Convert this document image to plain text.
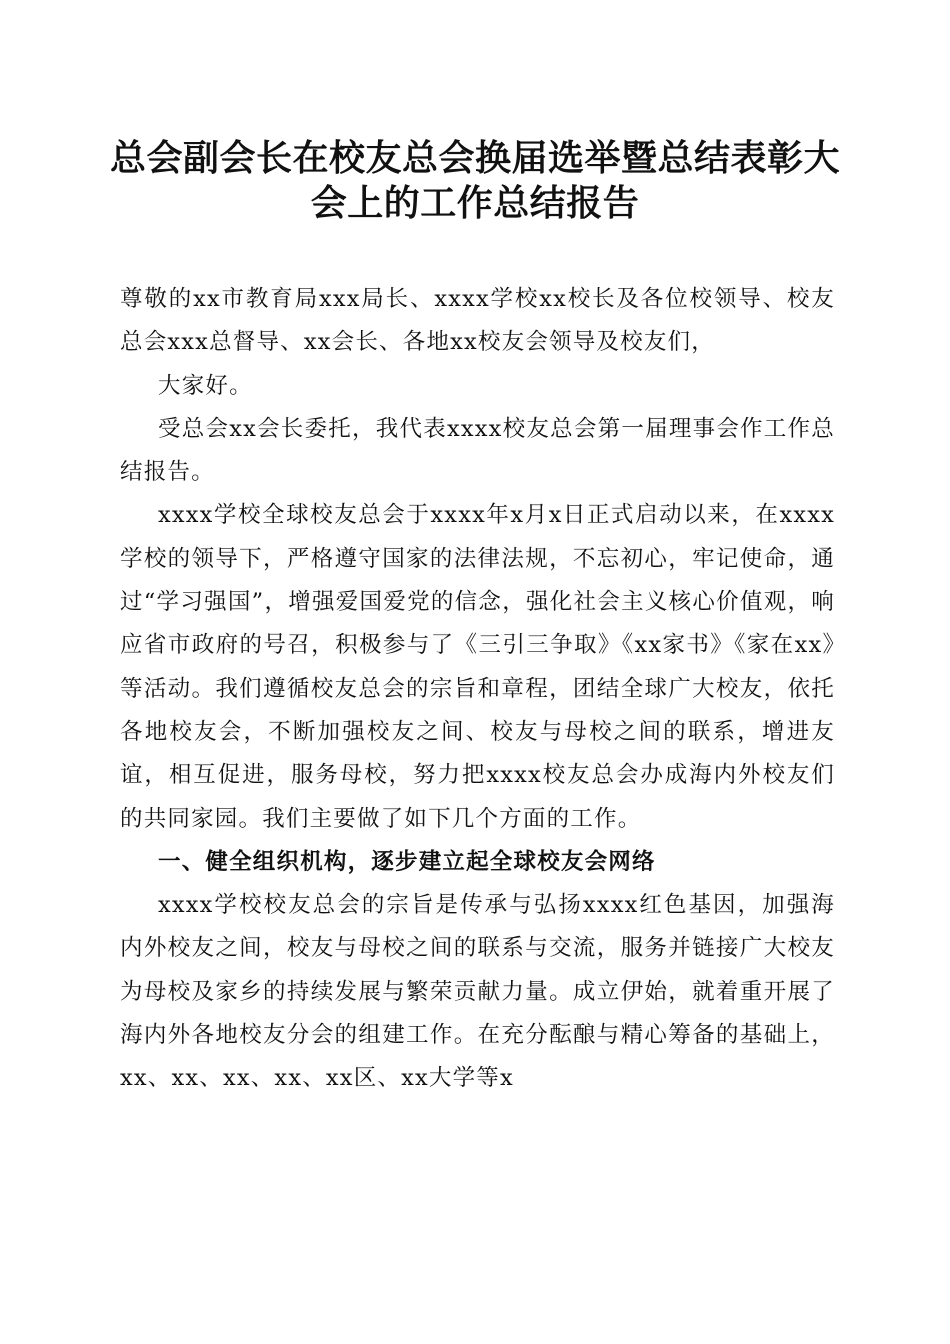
总会副会长在校友总会换届选举暨总结表彰大会上的工作总结报告

尊敬的xx市教育局xxx局长、xxxx学校xx校长及各位校领导、校友总会xxx总督导、xx会长、各地xx校友会领导及校友们，

大家好。

受总会xx会长委托，我代表xxxx校友总会第一届理事会作工作总结报告。

xxxx学校全球校友总会于xxxx年x月x日正式启动以来，在xxxx学校的领导下，严格遵守国家的法律法规，不忘初心，牢记使命，通过“学习强国”，增强爱国爱党的信念，强化社会主义核心价值观，响应省市政府的号召，积极参与了《三引三争取》《xx家书》《家在xx》等活动。我们遵循校友总会的宗旨和章程，团结全球广大校友，依托各地校友会，不断加强校友之间、校友与母校之间的联系，增进友谊，相互促进，服务母校，努力把xxxx校友总会办成海内外校友们的共同家园。我们主要做了如下几个方面的工作。

一、健全组织机构，逐步建立起全球校友会网络

xxxx学校校友总会的宗旨是传承与弘扬xxxx红色基因，加强海内外校友之间，校友与母校之间的联系与交流，服务并链接广大校友为母校及家乡的持续发展与繁荣贡献力量。成立伊始，就着重开展了海内外各地校友分会的组建工作。在充分酝酿与精心筹备的基础上，xx、xx、xx、xx、xx区、xx大学等x
